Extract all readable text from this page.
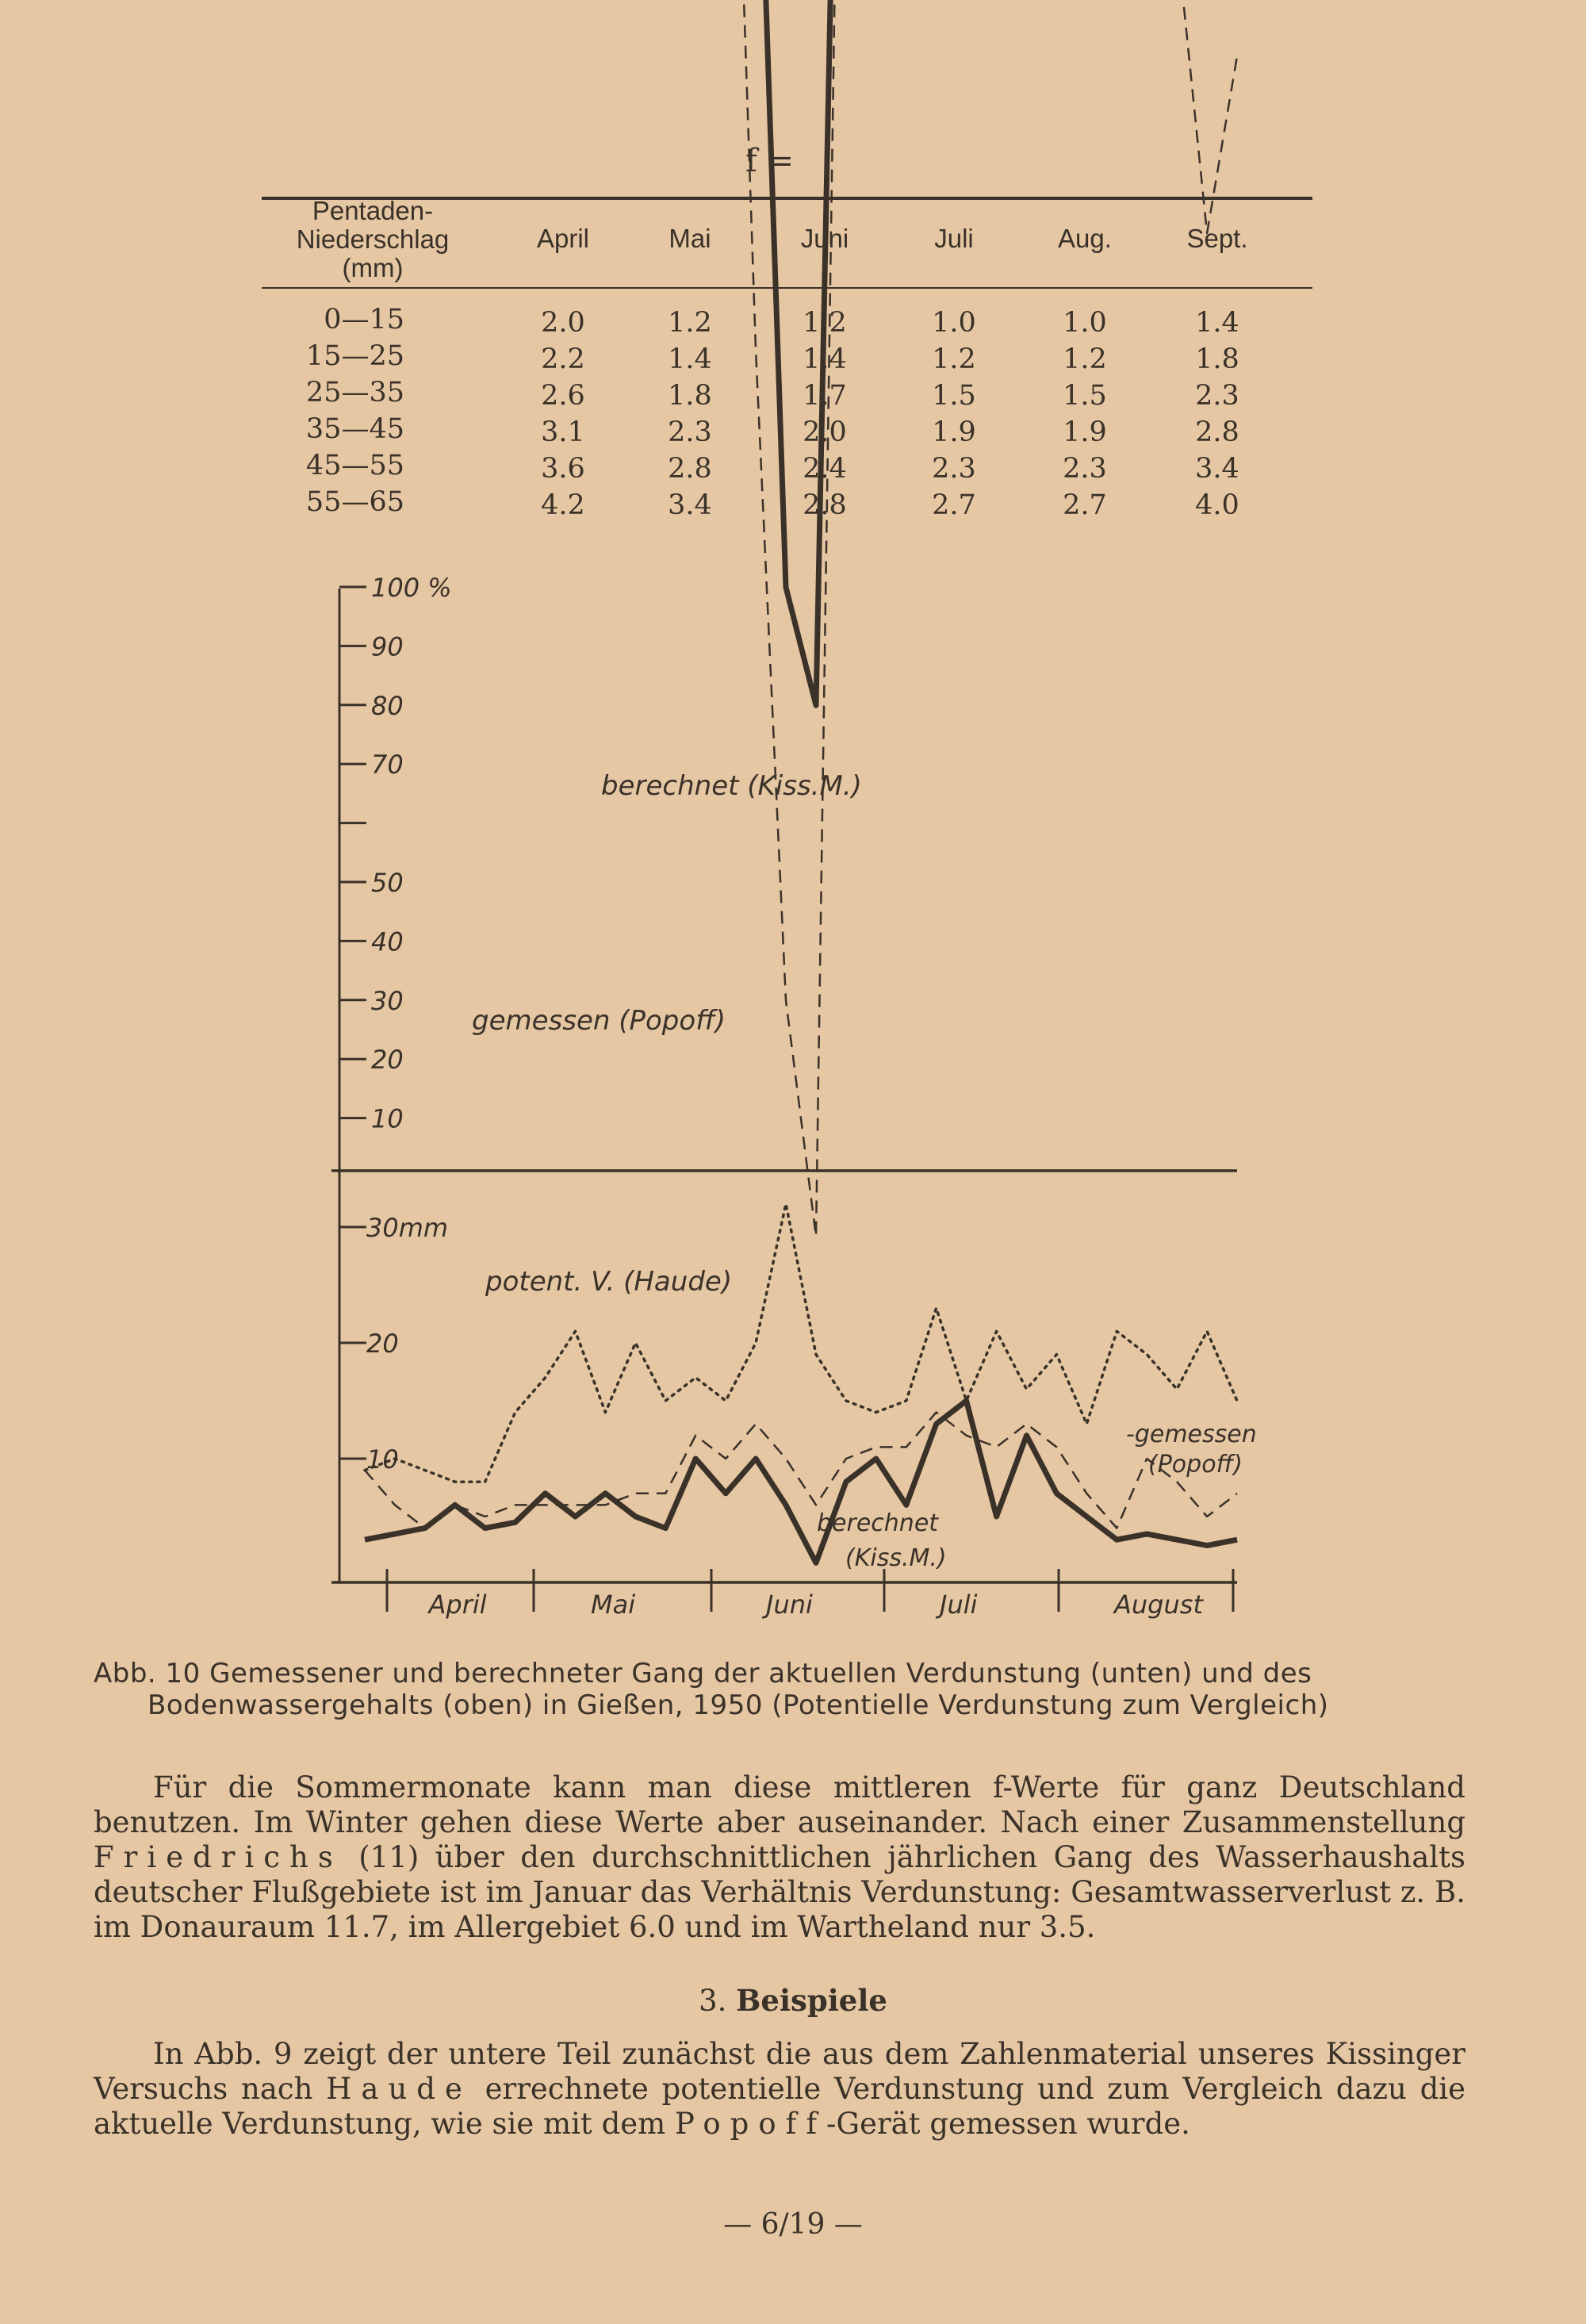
f =
Pentaden-
Niederschlag
(mm)
April	Mai	Juni	Juli	Aug.	Sept.
0—15	2.0	1.2	1.2	1.0	1.0	1.4
15—25	2.2	1.4	1.4	1.2	1.2	1.8
25—35	2.6	1.8	1.7	1.5	1.5	2.3
35—45	3.1	2.3	2.0	1.9	1.9	2.8
45—55	3.6	2.8	2.4	2.3	2.3	3.4
55—65	4.2	3.4	2.8	2.7	2.7	4.0
100 %
90
80
70
50
40
30
20
10
30mm
20
10
April	Mai	Juni	Juli	August
berechnet (Kiss.M.)
gemessen (Popoff)
potent. V. (Haude)
-gemessen
(Popoff)
berechnet
(Kiss.M.)
Abb. 10 Gemessener und berechneter Gang der aktuellen Verdunstung (unten) und des
Bodenwassergehalts (oben) in Gießen, 1950 (Potentielle Verdunstung zum Vergleich)

Für die Sommermonate kann man diese mittleren f-Werte für ganz Deutschland benutzen. Im Winter gehen diese Werte aber auseinander. Nach einer Zusammenstellung Friedrichs (11) über den durchschnittlichen jährlichen Gang des Wasserhaushalts deutscher Flußgebiete ist im Januar das Verhältnis Verdunstung: Gesamtwasserverlust z. B. im Donauraum 11.7, im Allergebiet 6.0 und im Wartheland nur 3.5.

3. Beispiele

In Abb. 9 zeigt der untere Teil zunächst die aus dem Zahlenmaterial unseres Kissinger Versuchs nach Haude errechnete potentielle Verdunstung und zum Vergleich dazu die aktuelle Verdunstung, wie sie mit dem Popoff-Gerät gemessen wurde.

— 6/19 —
